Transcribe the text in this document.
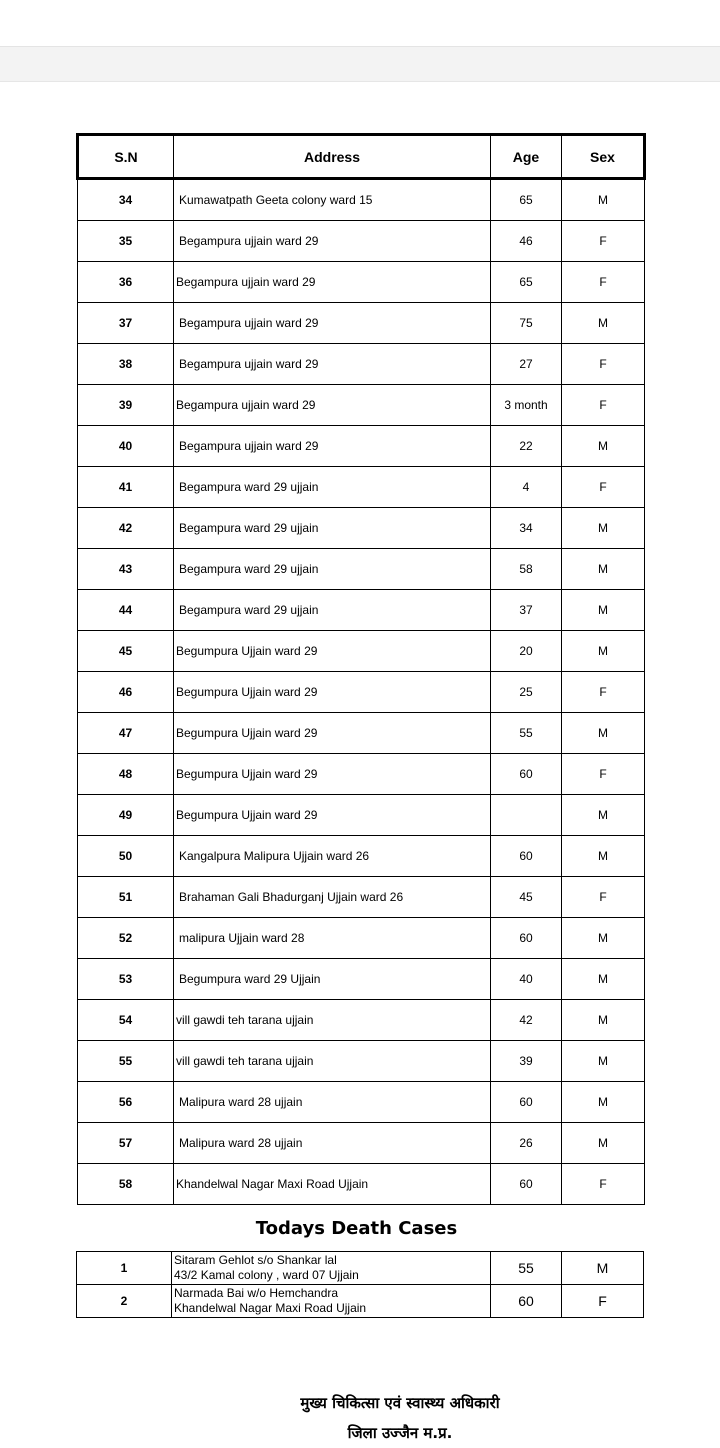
S.N	Address	Age	Sex
34	Kumawatpath Geeta colony ward 15	65	M
35	Begampura ujjain ward 29	46	F
36	Begampura ujjain ward 29	65	F
37	Begampura ujjain ward 29	75	M
38	Begampura ujjain ward 29	27	F
39	Begampura ujjain ward 29	3 month	F
40	Begampura ujjain ward 29	22	M
41	Begampura ward 29 ujjain	4	F
42	Begampura ward 29 ujjain	34	M
43	Begampura ward 29 ujjain	58	M
44	Begampura ward 29 ujjain	37	M
45	Begumpura Ujjain ward 29	20	M
46	Begumpura Ujjain ward 29	25	F
47	Begumpura Ujjain ward 29	55	M
48	Begumpura Ujjain ward 29	60	F
49	Begumpura Ujjain ward 29		M
50	Kangalpura Malipura Ujjain ward 26	60	M
51	Brahaman Gali Bhadurganj Ujjain ward 26	45	F
52	malipura Ujjain ward 28	60	M
53	Begumpura ward 29 Ujjain	40	M
54	vill gawdi teh tarana ujjain	42	M
55	vill gawdi teh tarana ujjain	39	M
56	Malipura ward 28 ujjain	60	M
57	Malipura ward 28 ujjain	26	M
58	Khandelwal Nagar Maxi Road Ujjain	60	F
Todays Death Cases
1	Sitaram Gehlot s/o Shankar lal
43/2 Kamal colony , ward 07 Ujjain	55	M
2	Narmada Bai w/o Hemchandra
Khandelwal Nagar Maxi Road Ujjain	60	F
मुख्य चिकित्सा एवं स्वास्थ्य अधिकारी
जिला उज्जैन म.प्र.
